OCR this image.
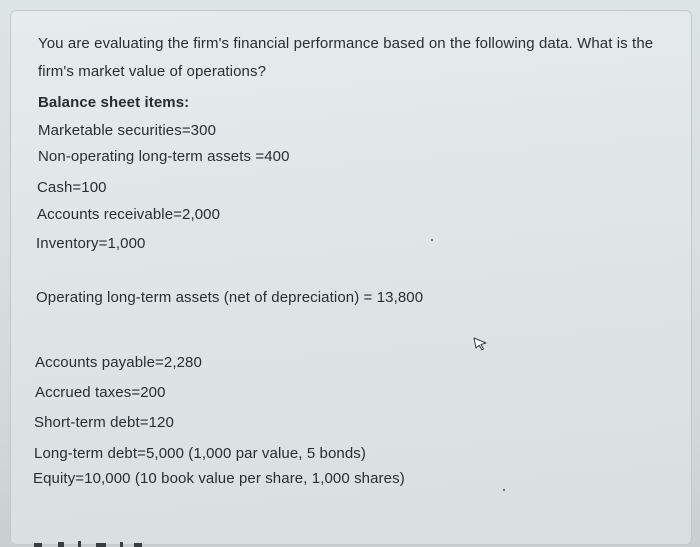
You are evaluating the firm's financial performance based on the following data. What is the
firm's market value of operations?
Balance sheet items:
Marketable securities=300
Non-operating long-term assets =400
Cash=100
Accounts receivable=2,000
Inventory=1,000
Operating long-term assets (net of depreciation) = 13,800
Accounts payable=2,280
Accrued taxes=200
Short-term debt=120
Long-term debt=5,000 (1,000 par value, 5 bonds)
Equity=10,000 (10 book value per share, 1,000 shares)
